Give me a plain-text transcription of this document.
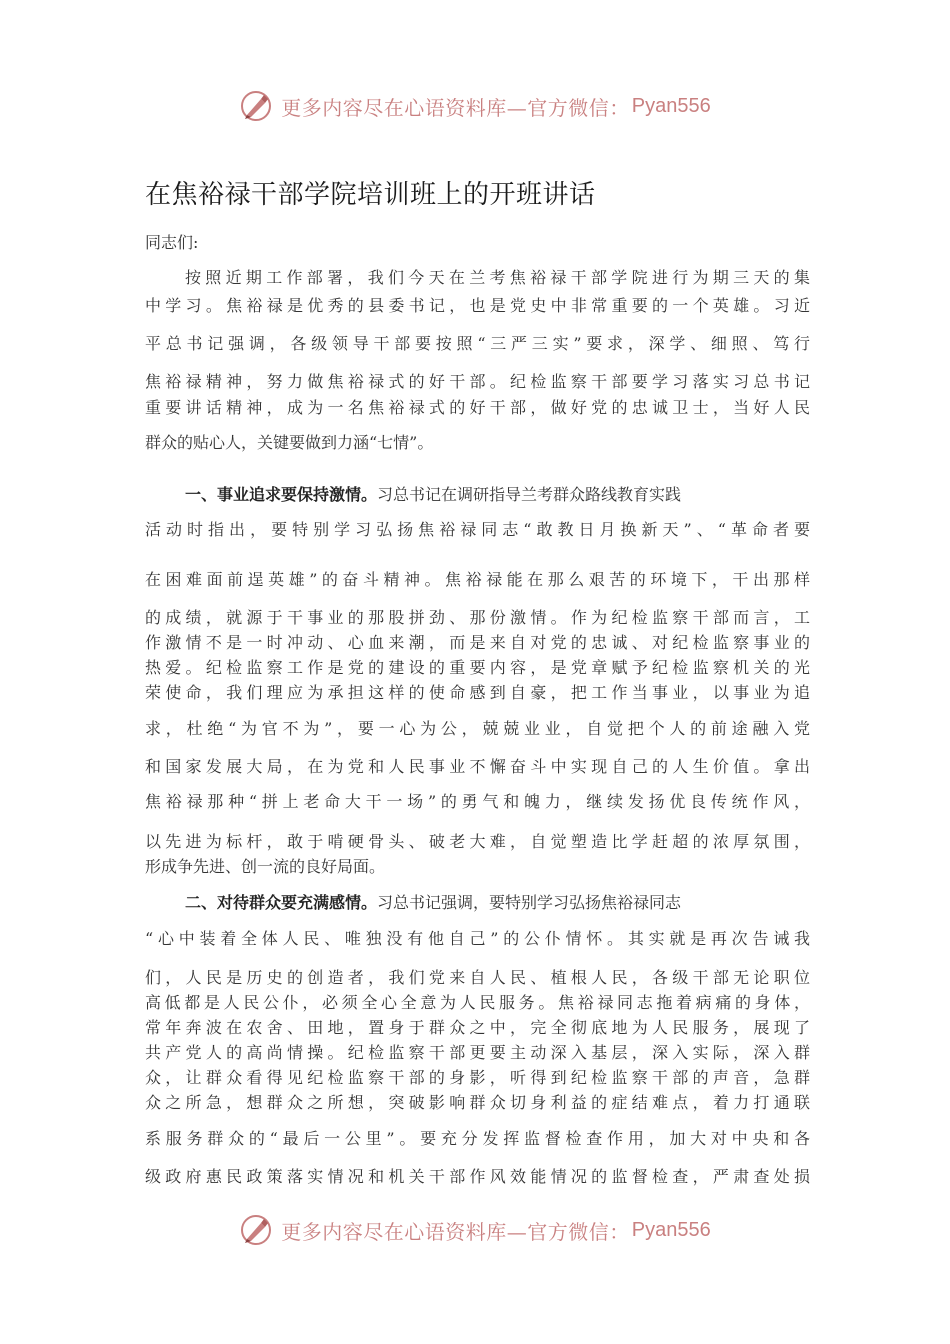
更多内容尽在心语资料库—官方微信： Pyan556
在焦裕禄干部学院培训班上的开班讲话
同志们:
按照近期工作部署，我们今天在兰考焦裕禄干部学院进行为期三天的集
中学习。焦裕禄是优秀的县委书记，也是党史中非常重要的一个英雄。习近
平总书记强调，各级领导干部要按照“三严三实”要求，深学、细照、笃行
焦裕禄精神，努力做焦裕禄式的好干部。纪检监察干部要学习落实习总书记
重要讲话精神，成为一名焦裕禄式的好干部，做好党的忠诚卫士，当好人民
群众的贴心人，关键要做到力涵“七情”。
一、事业追求要保持激情。习总书记在调研指导兰考群众路线教育实践
活动时指出，要特别学习弘扬焦裕禄同志“敢教日月换新天”、“革命者要
在困难面前逞英雄”的奋斗精神。焦裕禄能在那么艰苦的环境下，干出那样
的成绩，就源于干事业的那股拼劲、那份激情。作为纪检监察干部而言，工
作激情不是一时冲动、心血来潮，而是来自对党的忠诚、对纪检监察事业的
热爱。纪检监察工作是党的建设的重要内容，是党章赋予纪检监察机关的光
荣使命，我们理应为承担这样的使命感到自豪，把工作当事业，以事业为追
求，杜绝“为官不为”，要一心为公，兢兢业业，自觉把个人的前途融入党
和国家发展大局，在为党和人民事业不懈奋斗中实现自己的人生价值。拿出
焦裕禄那种“拼上老命大干一场”的勇气和魄力，继续发扬优良传统作风，
以先进为标杆，敢于啃硬骨头、破老大难，自觉塑造比学赶超的浓厚氛围，
形成争先进、创一流的良好局面。
二、对待群众要充满感情。习总书记强调，要特别学习弘扬焦裕禄同志
“心中装着全体人民、唯独没有他自己”的公仆情怀。其实就是再次告诫我
们，人民是历史的创造者，我们党来自人民、植根人民，各级干部无论职位
高低都是人民公仆，必须全心全意为人民服务。焦裕禄同志拖着病痛的身体，
常年奔波在农舍、田地，置身于群众之中，完全彻底地为人民服务，展现了
共产党人的高尚情操。纪检监察干部更要主动深入基层，深入实际，深入群
众，让群众看得见纪检监察干部的身影，听得到纪检监察干部的声音，急群
众之所急，想群众之所想，突破影响群众切身利益的症结难点，着力打通联
系服务群众的“最后一公里”。要充分发挥监督检查作用，加大对中央和各
级政府惠民政策落实情况和机关干部作风效能情况的监督检查，严肃查处损
更多内容尽在心语资料库—官方微信： Pyan556
